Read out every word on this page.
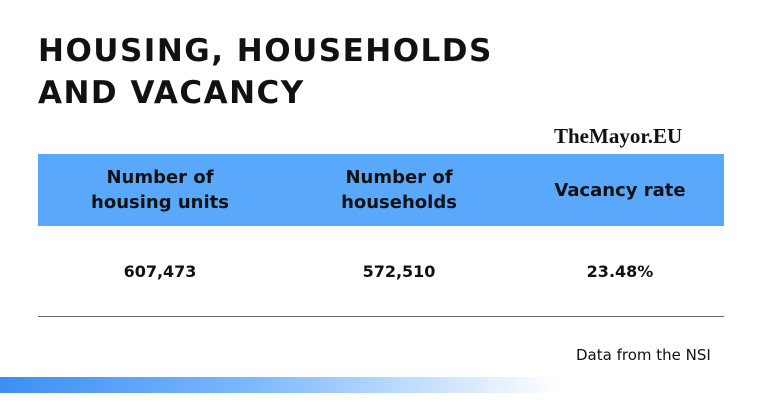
HOUSING, HOUSEHOLDS
AND VACANCY
TheMayor.EU
Number of
housing units
Number of
households
Vacancy rate
607,473	572,510	23.48%
Data from the NSI
